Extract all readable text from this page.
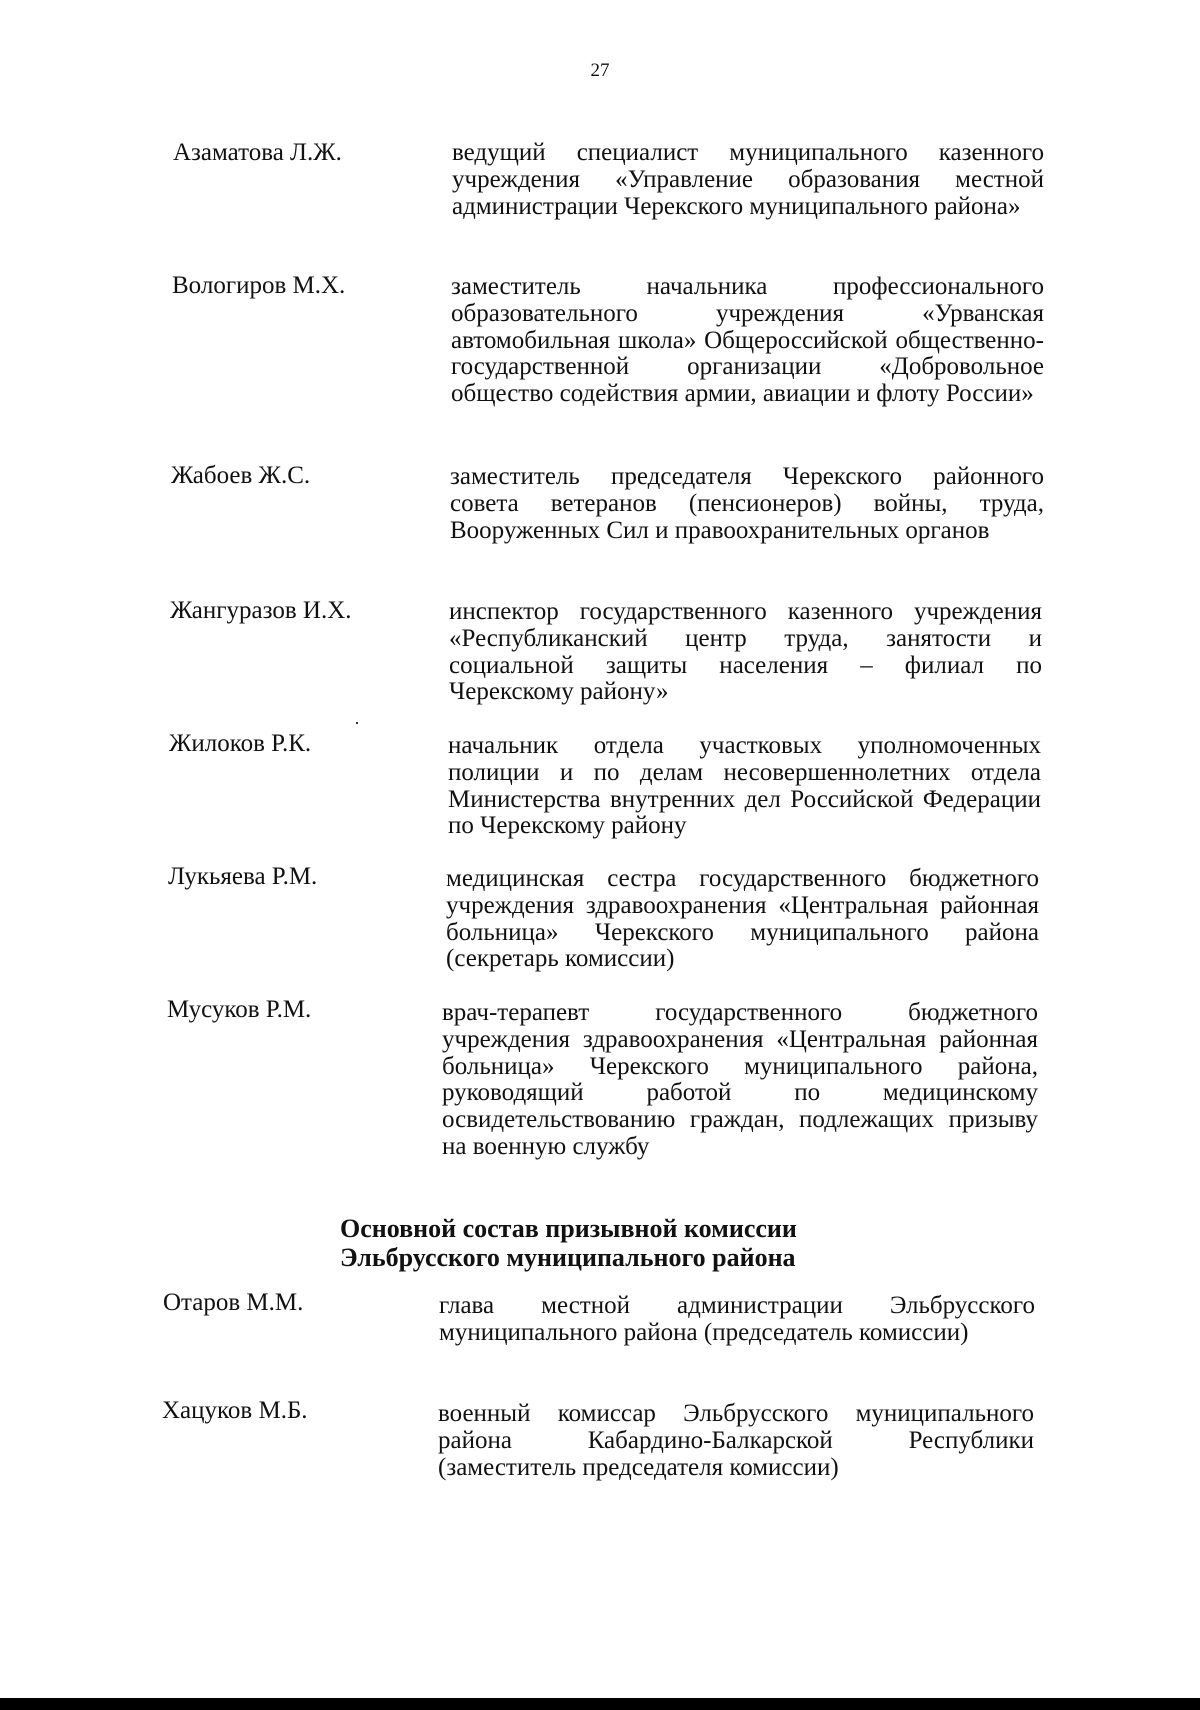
27
Азаматова Л.Ж.	ведущий специалист муниципального казенного учреждения «Управление образования местной администрации Черекского муниципального района»
Вологиров М.Х.	заместитель начальника профессионального образовательного учреждения «Урванская автомобильная школа» Общероссийской общественно-государственной организации «Добровольное общество содействия армии, авиации и флоту России»
Жабоев Ж.С.	заместитель председателя Черекского районного совета ветеранов (пенсионеров) войны, труда, Вооруженных Сил и правоохранительных органов
Жангуразов И.Х.	инспектор государственного казенного учреждения «Республиканский центр труда, занятости и социальной защиты населения – филиал по Черекскому району»
Жилоков Р.К.	начальник отдела участковых уполномоченных полиции и по делам несовершеннолетних отдела Министерства внутренних дел Российской Федерации по Черекскому району
Лукьяева Р.М.	медицинская сестра государственного бюджетного учреждения здравоохранения «Центральная районная больница» Черекского муниципального района (секретарь комиссии)
Мусуков Р.М.	врач-терапевт государственного бюджетного учреждения здравоохранения «Центральная районная больница» Черекского муниципального района, руководящий работой по медицинскому освидетельствованию граждан, подлежащих призыву на военную службу
Основной состав призывной комиссии
Эльбрусского муниципального района
Отаров М.М.	глава местной администрации Эльбрусского муниципального района (председатель комиссии)
Хацуков М.Б.	военный комиссар Эльбрусского муниципального района Кабардино-Балкарской Республики (заместитель председателя комиссии)
